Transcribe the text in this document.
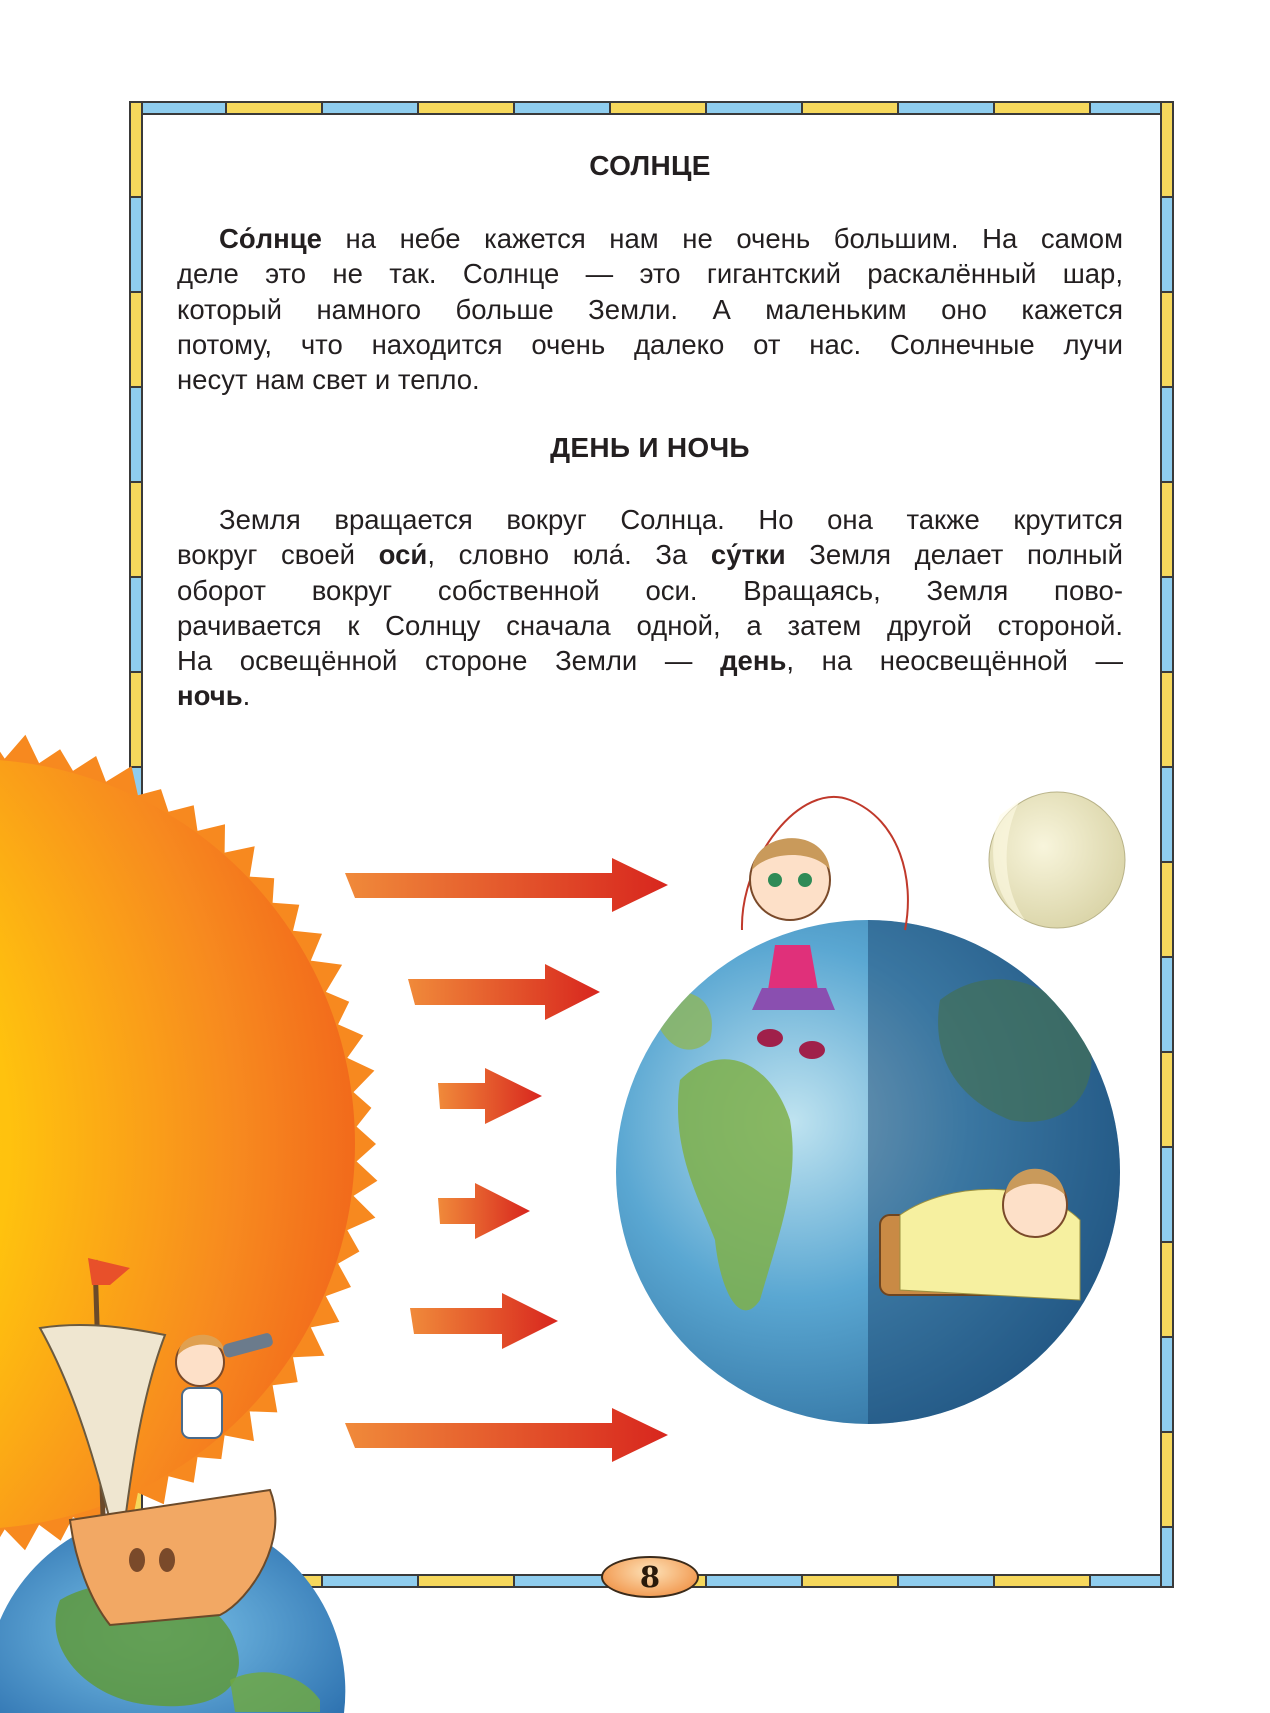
СОЛНЦЕ
Со́лнце на небе кажется нам не очень большим. На самом
деле это не так. Солнце — это гигантский раскалённый шар,
который намного больше Земли. А маленьким оно кажется
потому, что находится очень далеко от нас. Солнечные лучи
несут нам свет и тепло.
ДЕНЬ И НОЧЬ
Земля вращается вокруг Солнца. Но она также крутится
вокруг своей оси́, словно юла́. За су́тки Земля делает полный
оборот вокруг собственной оси. Вращаясь, Земля пово-
рачивается к Солнцу сначала одной, а затем другой стороной.
На освещённой стороне Земли — день, на неосвещённой —
ночь.
8
